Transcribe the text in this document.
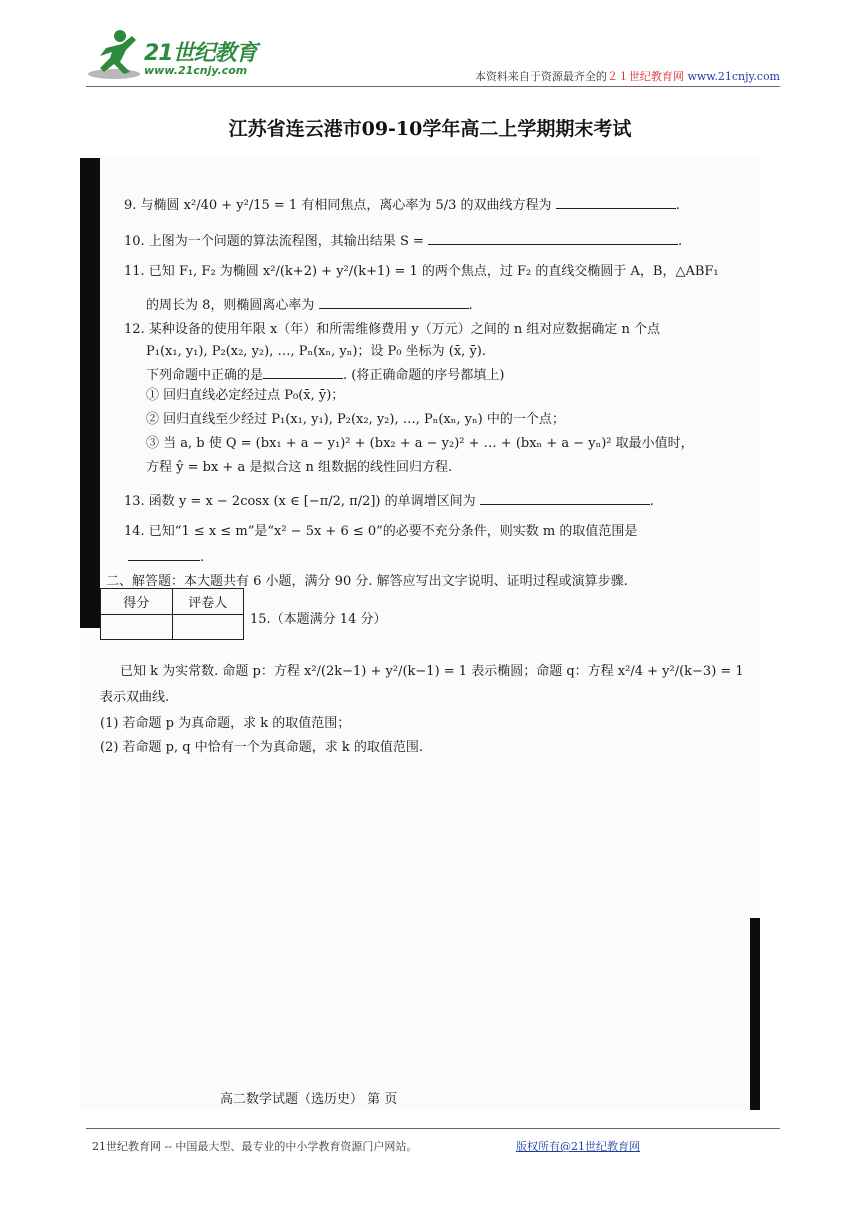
21世纪教育
www.21cnjy.com	本资料来自于资源最齐全的２１世纪教育网 www.21cnjy.com
江苏省连云港市09-10学年高二上学期期末考试
9. 与椭圆 x²/40 + y²/15 = 1 有相同焦点，离心率为 5/3 的双曲线方程为	.
10. 上图为一个问题的算法流程图，其输出结果 S =	.
11. 已知 F₁, F₂ 为椭圆 x²/(k+2) + y²/(k+1) = 1 的两个焦点，过 F₂ 的直线交椭圆于 A，B，△ABF₁
的周长为 8，则椭圆离心率为	.
12. 某种设备的使用年限 x（年）和所需维修费用 y（万元）之间的 n 组对应数据确定 n 个点
P₁(x₁, y₁), P₂(x₂, y₂), …, Pₙ(xₙ, yₙ)；设 P₀ 坐标为 (x̄, ȳ).
下列命题中正确的是	. (将正确命题的序号都填上)
① 回归直线必定经过点 P₀(x̄, ȳ)；
② 回归直线至少经过 P₁(x₁, y₁), P₂(x₂, y₂), …, Pₙ(xₙ, yₙ) 中的一个点；
③ 当 a, b 使 Q = (bx₁ + a − y₁)² + (bx₂ + a − y₂)² + … + (bxₙ + a − yₙ)² 取最小值时，
方程 ŷ = bx + a 是拟合这 n 组数据的线性回归方程.
13. 函数 y = x − 2cosx (x ∈ [−π/2, π/2]) 的单调增区间为	.
14. 已知“1 ≤ x ≤ m”是“x² − 5x + 6 ≤ 0”的必要不充分条件，则实数 m 的取值范围是
.
二、解答题：本大题共有 6 小题，满分 90 分. 解答应写出文字说明、证明过程或演算步骤.
得分	评卷人

15.（本题满分 14 分）
已知 k 为实常数. 命题 p：方程 x²/(2k−1) + y²/(k−1) = 1 表示椭圆；命题 q：方程 x²/4 + y²/(k−3) = 1
表示双曲线.
(1) 若命题 p 为真命题，求 k 的取值范围；
(2) 若命题 p, q 中恰有一个为真命题，求 k 的取值范围.
高二数学试题（选历史） 第 页
21世纪教育网 -- 中国最大型、最专业的中小学教育资源门户网站。	版权所有@21世纪教育网
